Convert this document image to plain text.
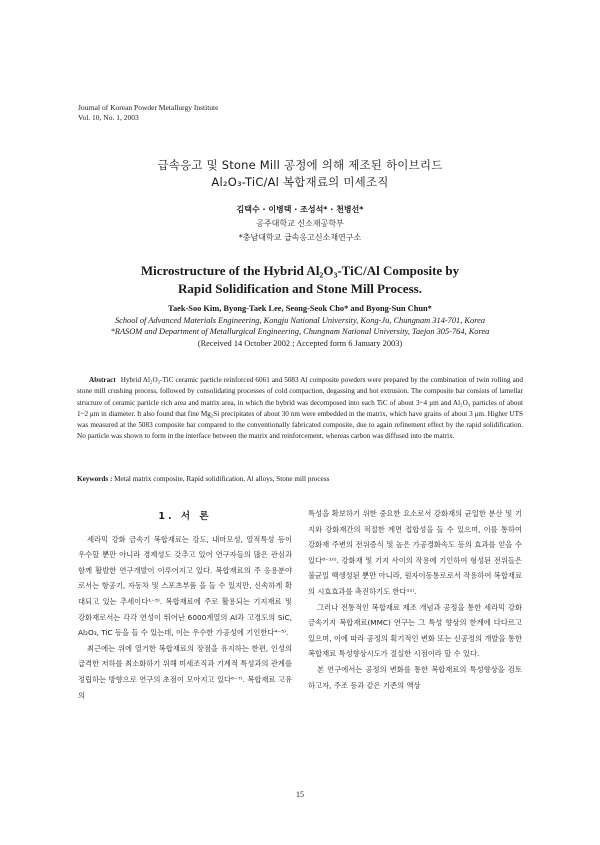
Journal of Korean Powder Metallurgy Institute
Vol. 10, No. 1, 2003
급속응고 및 Stone Mill 공정에 의해 제조된 하이브리드
Al₂O₃-TiC/Al 복합재료의 미세조직
김택수 · 이병택 · 조성석* · 천병선*
공주대학교 신소재공학부
*충남대학교 급속응고신소재연구소
Microstructure of the Hybrid Al₂O₃-TiC/Al Composite by
Rapid Solidification and Stone Mill Process.
Taek-Soo Kim, Byong-Taek Lee, Seong-Seok Cho* and Byong-Sun Chun*
School of Advanced Materials Engineering, Kongju National University, Kong-Ju, Chungnam 314-701, Korea
*RASOM and Department of Metallurgical Engineering, Chungnam National University, Taejon 305-764, Korea
(Received 14 October 2002 ; Accepted form 6 January 2003)
Abstract Hybrid Al₂O₃-TiC ceramic particle reinforced 6061 and 5083 Al composite powders were prepared by the combination of twin rolling and stone mill crushing process, followed by consolidating processes of cold compaction, degassing and hot extrusion. The composite bar consists of lamellar structure of ceramic particle rich area and matrix area, in which the hybrid was decomposed into each TiC of about 3~4 μm and Al₂O₃ particles of about 1~2 μm in diameter. It also found that fine Mg₂Si precipitates of about 30 nm were embedded in the matrix, which have grains of about 3 μm. Higher UTS was measured at the 5083 composite bar compared to the conventionally fabricated composite, due to again refinement effect by the rapid solidification. No particle was shown to form in the interface between the matrix and reinforcement, whereas carbon was diffused into the matrix.
Keywords : Metal matrix composite, Rapid solidification, Al alloys, Stone mill process
1. 서 론

세라믹 강화 금속기 복합재료는 강도, 내마모성, 열적특성 등이 우수할 뿐만 아니라 경제성도 갖추고 있어 연구자들의 많은 관심과 함께 활발한 연구개발이 이루어지고 있다. 복합재료의 주 응용분야로서는 항공기, 자동차 및 스포츠부품 을 들 수 있지만, 신속하게 확대되고 있는 추세이다¹⁻³⁾. 복합재료에 주로 활용되는 기지재료 및 강화재로서는 각각 연성이 뛰어난 6000계열의 Al과 고경도의 SiC, Al₂O₃, TiC 등을 들 수 있는데, 이는 우수한 가공성에 기인한다⁴⁻⁵⁾.

최근에는 위에 열거한 복합재료의 장점을 유지하는 한편, 인성의 급격한 저하를 최소화하기 위해 미세조직과 기계적 특성과의 관계를 정립하는 방향으로 연구의 초점이 모아지고 있다⁶⁻⁷⁾. 복합재료 고유의

특성을 확보하기 위한 중요한 요소로서 강화재의 균일한 분산 및 기지와 강화재간의 적절한 계면 접합성을 들 수 있으며, 이를 통하여 강화재 주변의 전위증식 및 높은 가공경화속도 등의 효과를 얻을 수 있다⁸⁻¹⁰⁾. 강화재 및 기지 사이의 작용에 기인하여 형성된 전위들은 불균일 핵생성된 뿐만 아니라, 원자이동통로로서 작용하여 복합재료의 시효효과를 촉진하기도 한다¹¹⁾.

그러나 전통적인 복합재료 제조 개념과 공정을 통한 세라믹 강화 금속기지 복합재료(MMC) 연구는 그 특성 향상의 한계에 다다르고 있으며, 이에 따라 공정의 획기적인 변화 또는 신공정의 개발을 통한 복합재료 특성향상시도가 절실한 시점이라 할 수 있다.

본 연구에서는 공정의 변화를 통한 복합재료의 특성향상을 검토하고자, 주조 등과 같은 기존의 액상

15
